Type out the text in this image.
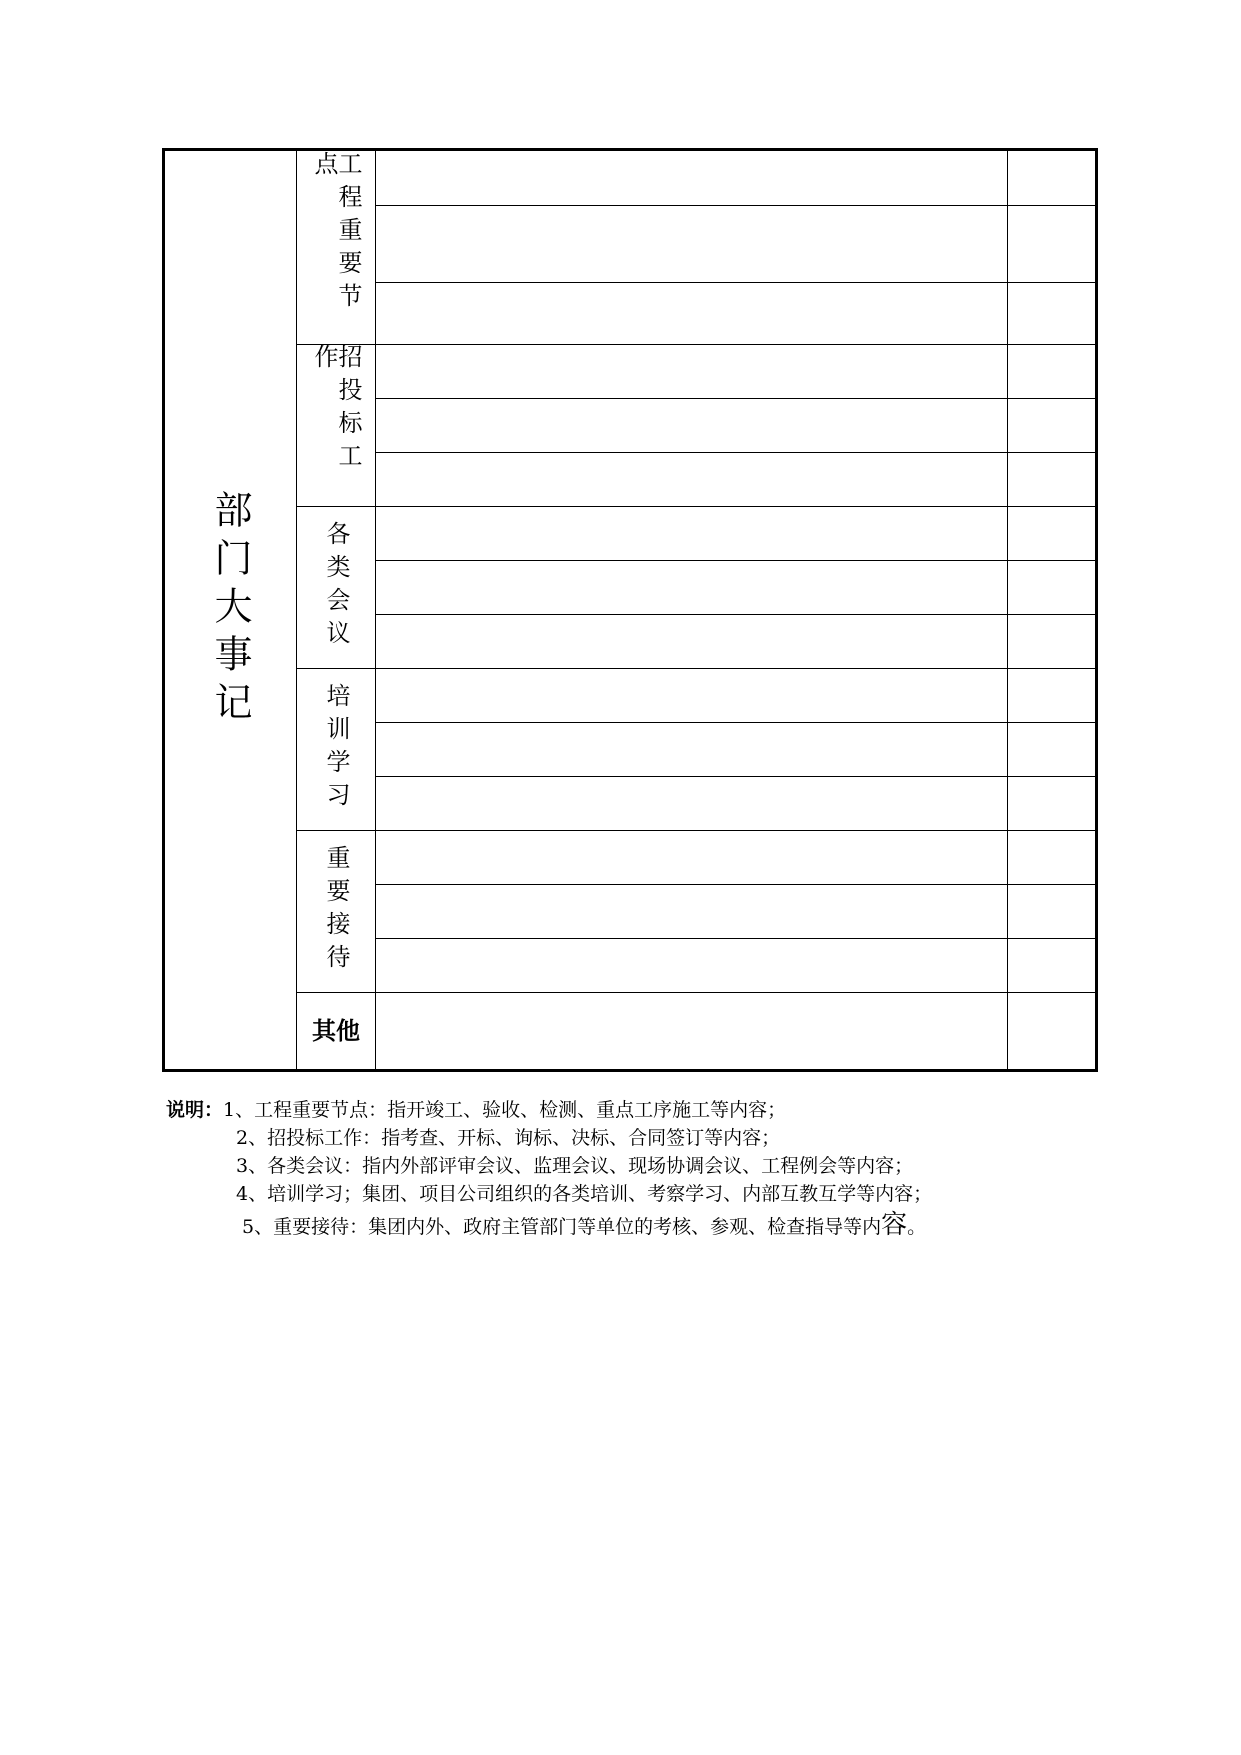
部门大事记
工程重要节点
招投标工作
各类会议
培训学习
重要接待
其他
说明：1、工程重要节点：指开竣工、验收、检测、重点工序施工等内容；
2、招投标工作：指考查、开标、询标、决标、合同签订等内容；
3、各类会议：指内外部评审会议、监理会议、现场协调会议、工程例会等内容；
4、培训学习；集团、项目公司组织的各类培训、考察学习、内部互教互学等内容；
5、重要接待：集团内外、政府主管部门等单位的考核、参观、检查指导等内容。
